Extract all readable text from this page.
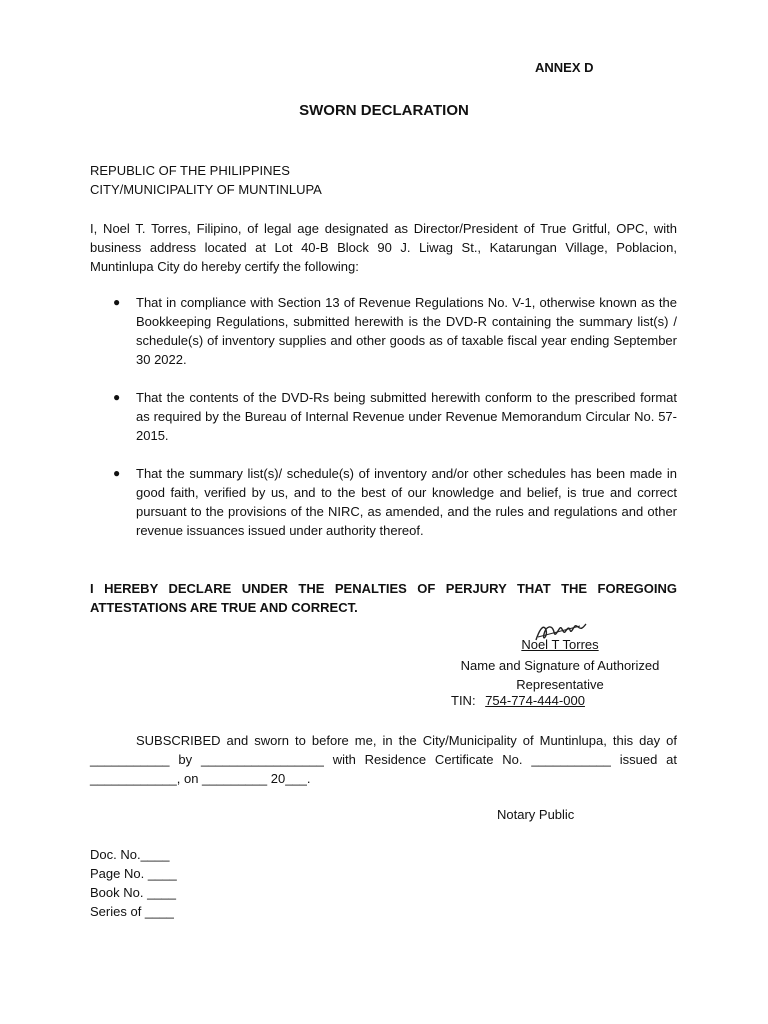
ANNEX D
SWORN DECLARATION
REPUBLIC OF THE PHILIPPINES
CITY/MUNICIPALITY OF MUNTINLUPA
I, Noel T. Torres, Filipino, of legal age designated as Director/President of True Gritful, OPC, with business address located at Lot 40-B Block 90 J. Liwag St., Katarungan Village, Poblacion, Muntinlupa City do hereby certify the following:
● That in compliance with Section 13 of Revenue Regulations No. V-1, otherwise known as the Bookkeeping Regulations, submitted herewith is the DVD-R containing the summary list(s) / schedule(s) of inventory supplies and other goods as of taxable fiscal year ending September 30 2022.
● That the contents of the DVD-Rs being submitted herewith conform to the prescribed format as required by the Bureau of Internal Revenue under Revenue Memorandum Circular No. 57-2015.
● That the summary list(s)/ schedule(s) of inventory and/or other schedules has been made in good faith, verified by us, and to the best of our knowledge and belief, is true and correct pursuant to the provisions of the NIRC, as amended, and the rules and regulations and other revenue issuances issued under authority thereof.
I HEREBY DECLARE UNDER THE PENALTIES OF PERJURY THAT THE FOREGOING ATTESTATIONS ARE TRUE AND CORRECT.
Noel T Torres
Name and Signature of Authorized
Representative
TIN: 754-774-444-000
SUBSCRIBED and sworn to before me, in the City/Municipality of Muntinlupa, this day of ___________ by _________________ with Residence Certificate No. ___________ issued at ____________, on _________ 20___.
Notary Public
Doc. No.____
Page No. ____
Book No. ____
Series of ____
